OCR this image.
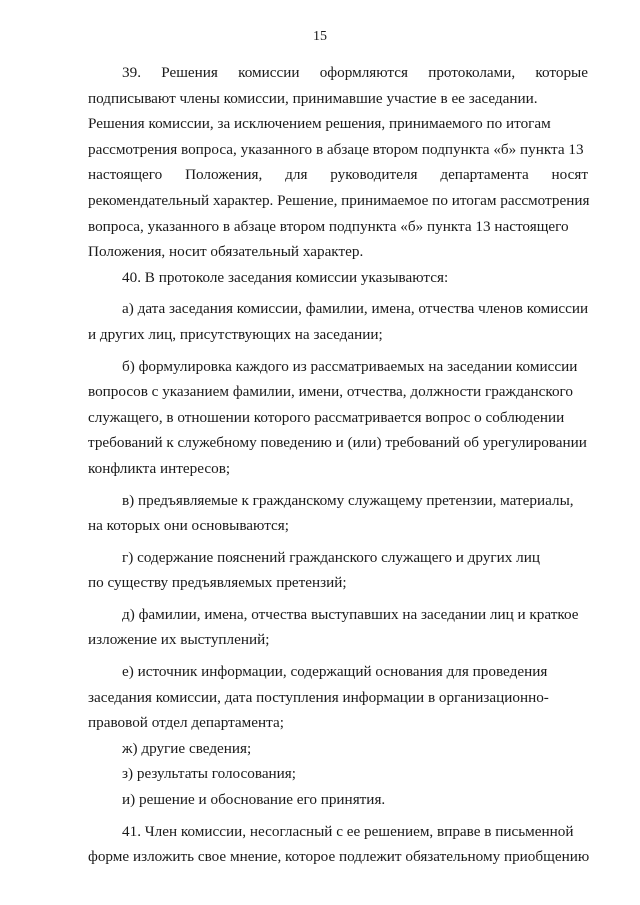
15
39. Решения комиссии оформляются протоколами, которые
подписывают члены комиссии, принимавшие участие в ее заседании.
Решения комиссии, за исключением решения, принимаемого по итогам
рассмотрения вопроса, указанного в абзаце втором подпункта «б» пункта 13
настоящего Положения, для руководителя департамента носят
рекомендательный характер. Решение, принимаемое по итогам рассмотрения
вопроса, указанного в абзаце втором подпункта «б» пункта 13 настоящего
Положения, носит обязательный характер.
40. В протоколе заседания комиссии указываются:
а) дата заседания комиссии, фамилии, имена, отчества членов комиссии
и других лиц, присутствующих на заседании;
б) формулировка каждого из рассматриваемых на заседании комиссии
вопросов с указанием фамилии, имени, отчества, должности гражданского
служащего, в отношении которого рассматривается вопрос о соблюдении
требований к служебному поведению и (или) требований об урегулировании
конфликта интересов;
в) предъявляемые к гражданскому служащему претензии, материалы,
на которых они основываются;
г) содержание пояснений гражданского служащего и других лиц
по существу предъявляемых претензий;
д) фамилии, имена, отчества выступавших на заседании лиц и краткое
изложение их выступлений;
е) источник информации, содержащий основания для проведения
заседания комиссии, дата поступления информации в организационно-
правовой отдел департамента;
ж) другие сведения;
з) результаты голосования;
и) решение и обоснование его принятия.
41. Член комиссии, несогласный с ее решением, вправе в письменной
форме изложить свое мнение, которое подлежит обязательному приобщению
